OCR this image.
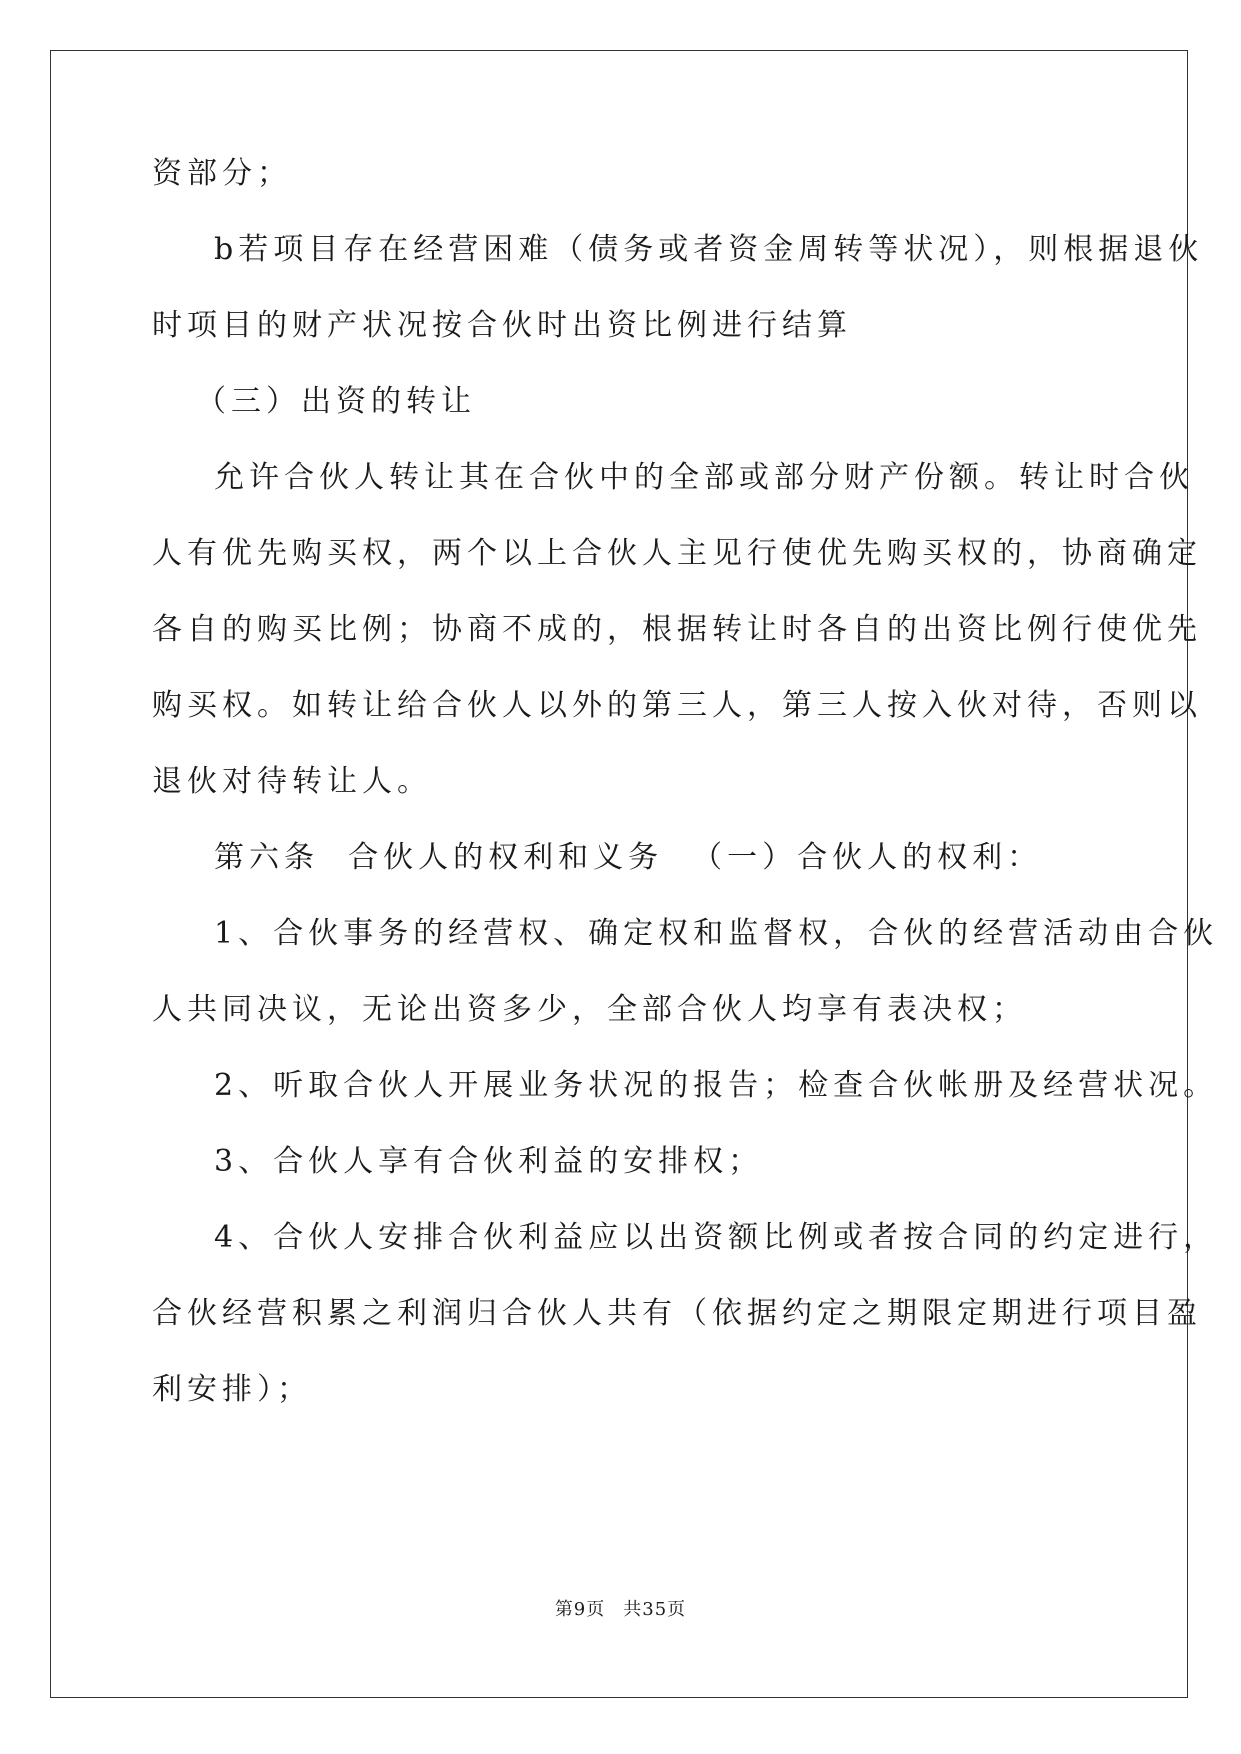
资部分；
b若项目存在经营困难（债务或者资金周转等状况），则根据退伙
时项目的财产状况按合伙时出资比例进行结算
（三）出资的转让
允许合伙人转让其在合伙中的全部或部分财产份额。转让时合伙
人有优先购买权，两个以上合伙人主见行使优先购买权的，协商确定
各自的购买比例；协商不成的，根据转让时各自的出资比例行使优先
购买权。如转让给合伙人以外的第三人，第三人按入伙对待，否则以
退伙对待转让人。
第六条  合伙人的权利和义务  （一）合伙人的权利：
1、合伙事务的经营权、确定权和监督权，合伙的经营活动由合伙
人共同决议，无论出资多少，全部合伙人均享有表决权；
2、听取合伙人开展业务状况的报告；检查合伙帐册及经营状况。
3、合伙人享有合伙利益的安排权；
4、合伙人安排合伙利益应以出资额比例或者按合同的约定进行，
合伙经营积累之利润归合伙人共有（依据约定之期限定期进行项目盈
利安排）；
第9页 共35页
